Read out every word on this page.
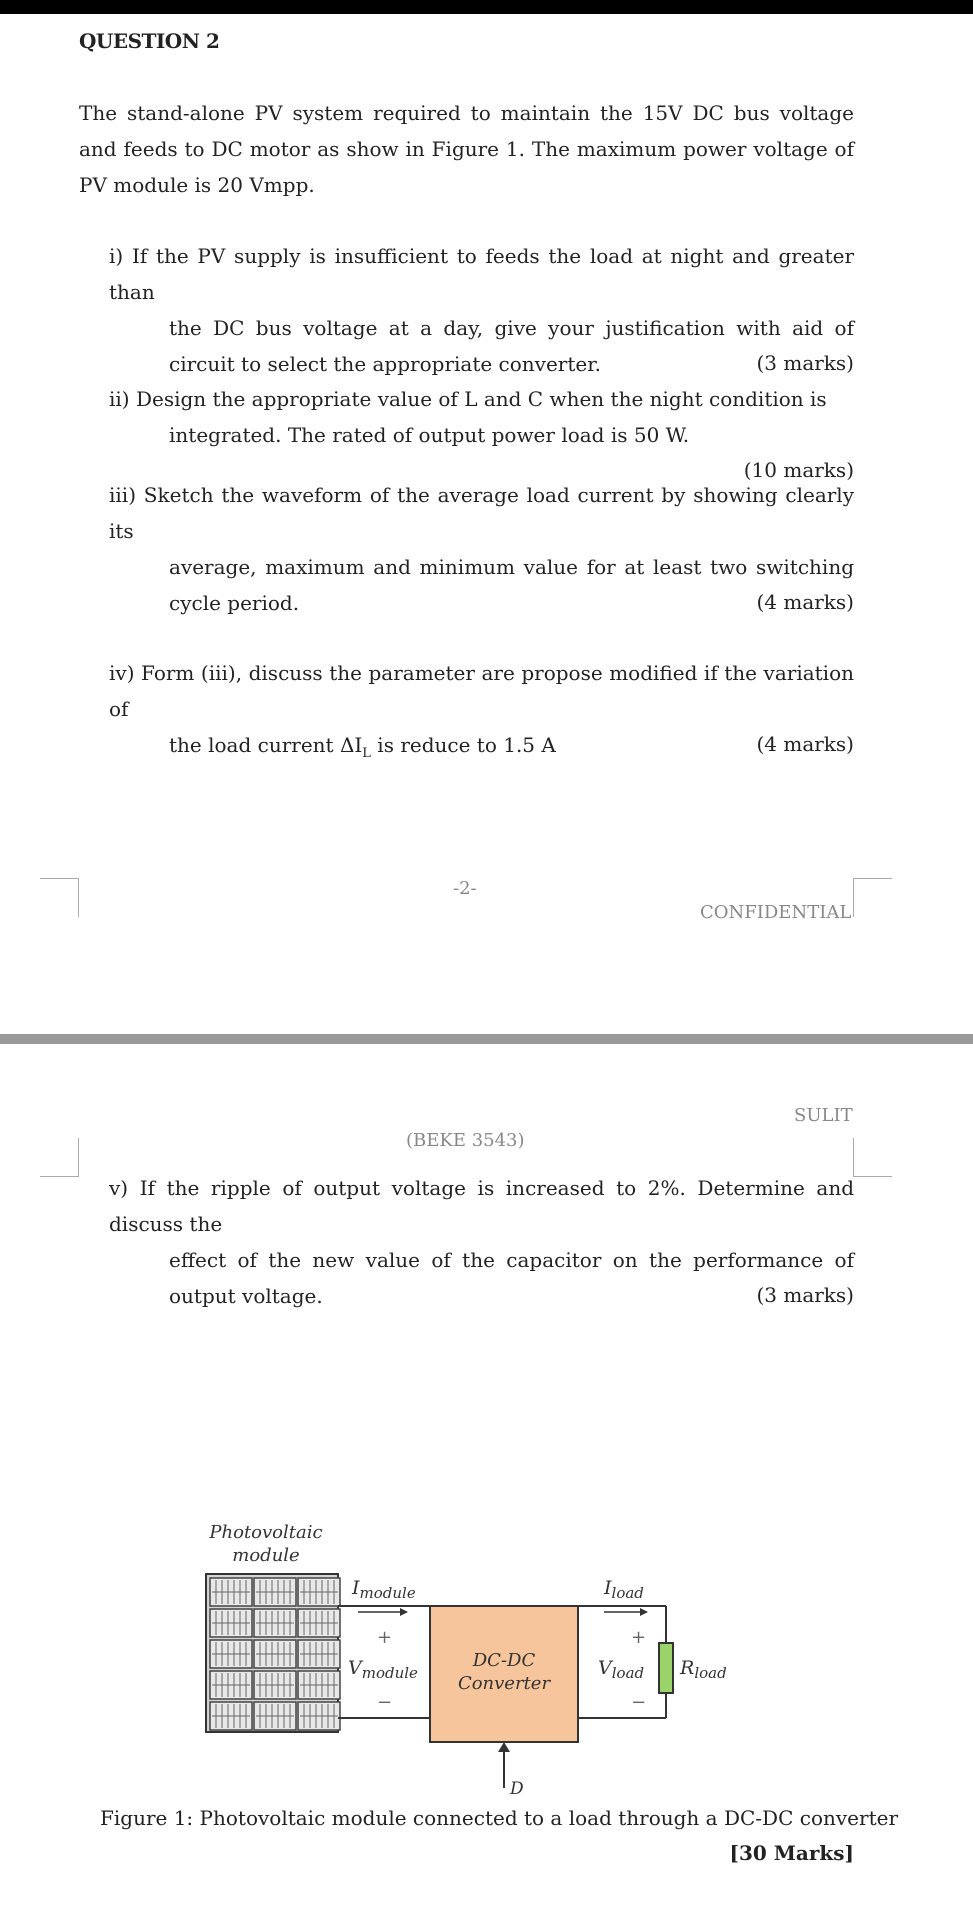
QUESTION 2
The stand-alone PV system required to maintain the 15V DC bus voltage and feeds to DC motor as show in Figure 1. The maximum power voltage of PV module is 20 Vmpp.
i) If the PV supply is insufficient to feeds the load at night and greater than
the DC bus voltage at a day, give your justification with aid of circuit to select the appropriate converter.	(3 marks)
ii) Design the appropriate value of L and C when the night condition is
integrated. The rated of output power load is 50 W.
(10 marks)
iii) Sketch the waveform of the average load current by showing clearly its
average, maximum and minimum value for at least two switching cycle period.	(4 marks)
iv) Form (iii), discuss the parameter are propose modified if the variation of
the load current $\Delta I_L$ is reduce to 1.5 A	(4 marks)
-2-
CONFIDENTIAL
SULIT
(BEKE 3543)
v) If the ripple of output voltage is increased to 2%. Determine and discuss the
effect of the new value of the capacitor on the performance of output voltage.	(3 marks)
Photovoltaic
module
$I_{module}$
+
$V_{module}$
−
DC-DC
Converter
D
$I_{load}$
+
$V_{load}$
−
$R_{load}$
Figure 1: Photovoltaic module connected to a load through a DC-DC converter
[30 Marks]
